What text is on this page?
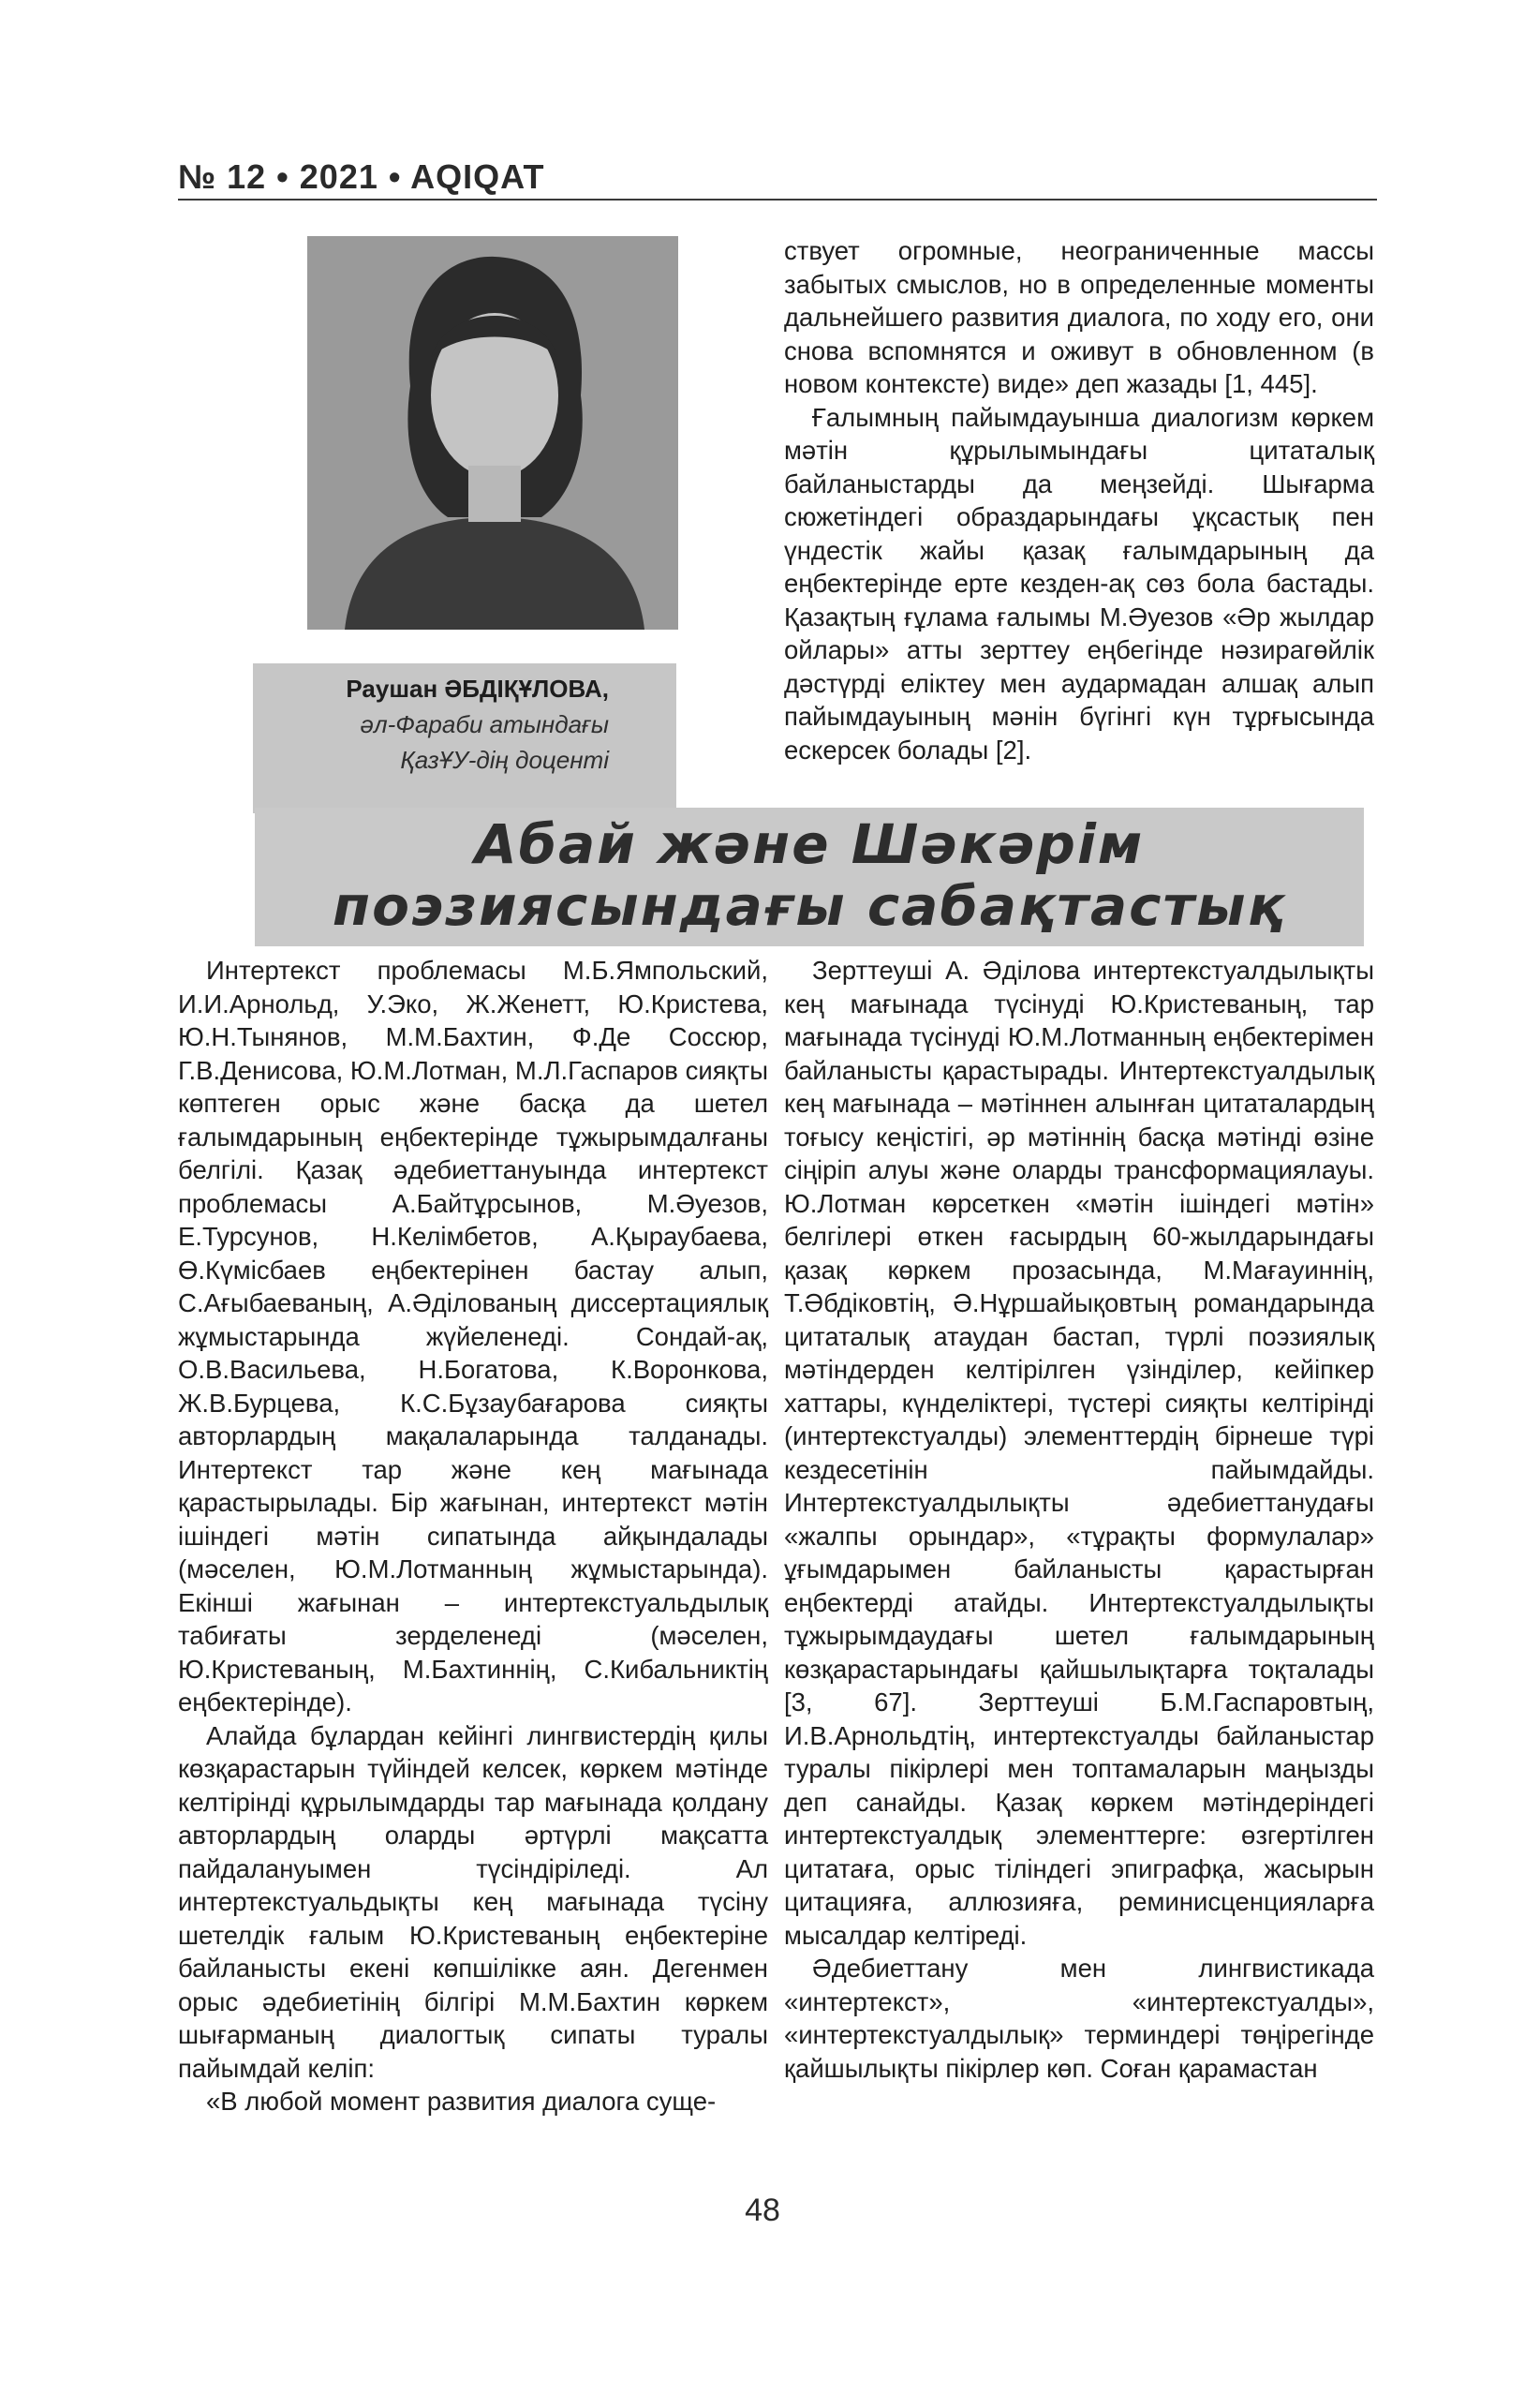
№ 12 • 2021 • AQIQAT
Раушан ӘБДІҚҰЛОВА,
әл-Фараби атындағы
ҚазҰУ-дің доценті

ствует огромные, неограниченные массы забытых смыслов, но в определенные моменты дальнейшего развития диалога, по ходу его, они снова вспомнятся и оживут в обновленном (в новом контексте) виде» деп жазады [1, 445].

Ғалымның пайымдауынша диалогизм көркем мәтін құрылымындағы цитаталық байланыстарды да меңзейді. Шығарма сюжетіндегі образдарындағы ұқсастық пен үндестік жайы қазақ ғалымдарының да еңбектерінде ерте кезден-ақ сөз бола бастады. Қазақтың ғұлама ғалымы М.Әуезов «Әр жылдар ойлары» атты зерттеу еңбегінде нәзирагөйлік дәстүрді еліктеу мен аудармадан алшақ алып пайымдауының мәнін бүгінгі күн тұрғысында ескерсек болады [2].

Абай және Шәкәрім
поэзиясындағы сабақтастық

Интертекст проблемасы М.Б.Ямпольский, И.И.Арнольд, У.Эко, Ж.Женетт, Ю.Кристева, Ю.Н.Тынянов, М.М.Бахтин, Ф.Де Соссюр, Г.В.Денисова, Ю.М.Лотман, М.Л.Гаспаров сияқты көптеген орыс және басқа да шетел ғалымдарының еңбектерінде тұжырымдалғаны белгілі. Қазақ әдебиеттануында интертекст проблемасы А.Байтұрсынов, М.Әуезов, Е.Турсунов, Н.Келімбетов, А.Қыраубаева, Ө.Күмісбаев еңбектерінен бастау алып, С.Ағыбаеваның, А.Әділованың диссертациялық жұмыстарында жүйеленеді. Сондай-ақ, О.В.Васильева, Н.Богатова, К.Воронкова, Ж.В.Бурцева, К.С.Бұзаубағарова сияқты авторлардың мақалаларында талданады. Интертекст тар және кең мағынада қарастырылады. Бір жағынан, интертекст мәтін ішіндегі мәтін сипатында айқындалады (мәселен, Ю.М.Лотманның жұмыстарында). Екінші жағынан – интертекстуальдылық табиғаты зерделенеді (мәселен, Ю.Кристеваның, М.Бахтиннің, С.Кибальниктің еңбектерінде).

Алайда бұлардан кейінгі лингвистердің қилы көзқарастарын түйіндей келсек, көркем мәтінде келтірінді құрылымдарды тар мағынада қолдану авторлардың оларды әртүрлі мақсатта пайдалануымен түсіндіріледі. Ал интертекстуальдықты кең мағынада түсіну шетелдік ғалым Ю.Кристеваның еңбектеріне байланысты екені көпшілікке аян. Дегенмен орыс әдебиетінің білгірі М.М.Бахтин көркем шығарманың диалогтық сипаты туралы пайымдай келіп:

«В любой момент развития диалога суще-

Зерттеуші А. Әділова интертекстуалдылықты кең мағынада түсінуді Ю.Кристеваның, тар мағынада түсінуді Ю.М.Лотманның еңбектерімен байланысты қарастырады. Интертекстуалдылық кең мағынада – мәтіннен алынған цитаталардың тоғысу кеңістігі, әр мәтіннің басқа мәтінді өзіне сіңіріп алуы және оларды трансформациялауы. Ю.Лотман көрсеткен «мәтін ішіндегі мәтін» белгілері өткен ғасырдың 60-жылдарындағы қазақ көркем прозасында, М.Мағауиннің, Т.Әбдіковтің, Ә.Нұршайықовтың романдарында цитаталық атаудан бастап, түрлі поэзиялық мәтіндерден келтірілген үзінділер, кейіпкер хаттары, күнделіктері, түстері сияқты келтірінді (интертекстуалды) элементтердің бірнеше түрі кездесетінін пайымдайды. Интертекстуалдылықты әдебиеттанудағы «жалпы орындар», «тұрақты формулалар» ұғымдарымен байланысты қарастырған еңбектерді атайды. Интертекстуалдылықты тұжырымдаудағы шетел ғалымдарының көзқарастарындағы қайшылықтарға тоқталады [3, 67]. Зерттеуші Б.М.Гаспаровтың, И.В.Арнольдтің, интертекстуалды байланыстар туралы пікірлері мен топтамаларын маңызды деп санайды. Қазақ көркем мәтіндеріндегі интертекстуалдық элементтерге: өзгертілген цитатаға, орыс тіліндегі эпиграфқа, жасырын цитацияға, аллюзияға, реминисценцияларға мысалдар келтіреді.

Әдебиеттану мен лингвистикада «интертекст», «интертекстуалды», «интертекстуалдылық» терминдері төңірегінде қайшылықты пікірлер көп. Соған қарамастан

48
